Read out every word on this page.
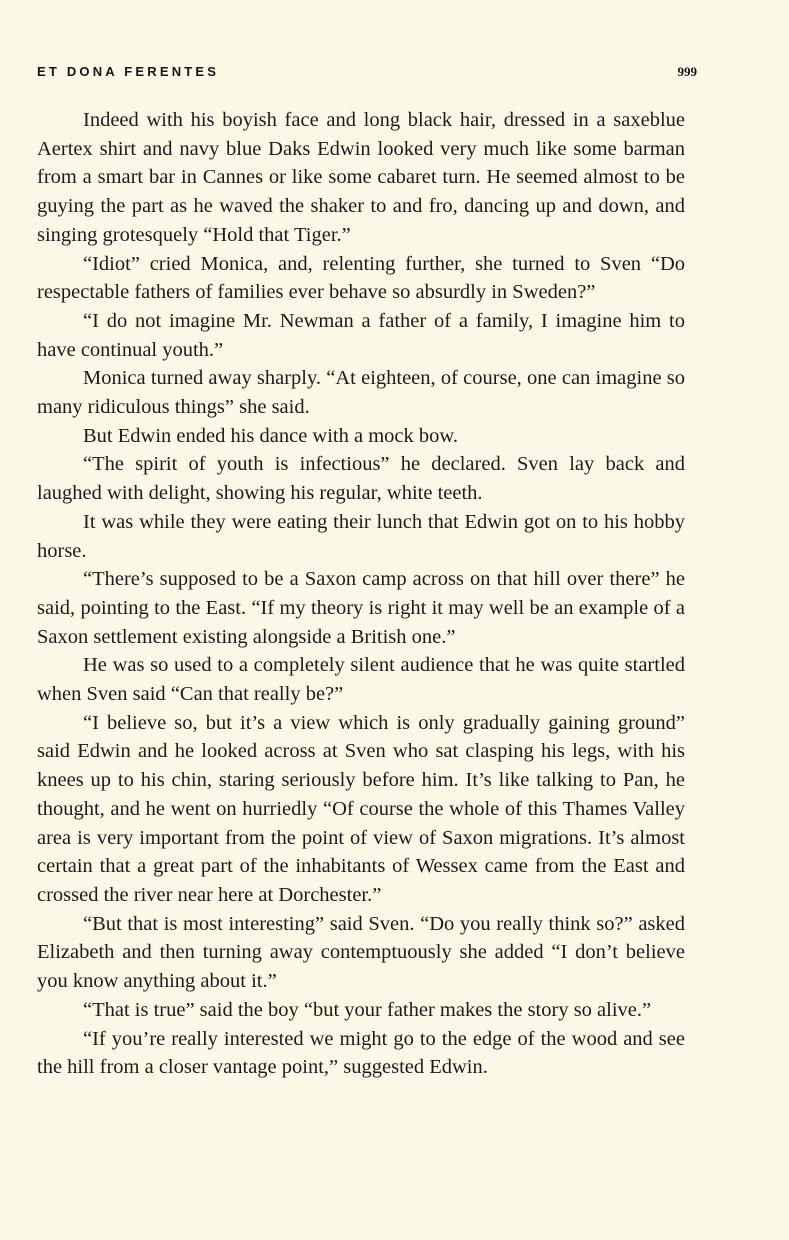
ET DONA FERENTES	999

Indeed with his boyish face and long black hair, dressed in a saxeblue Aertex shirt and navy blue Daks Edwin looked very much like some barman from a smart bar in Cannes or like some cabaret turn. He seemed almost to be guying the part as he waved the shaker to and fro, dancing up and down, and singing grotesquely “Hold that Tiger.”

“Idiot” cried Monica, and, relenting further, she turned to Sven “Do respectable fathers of families ever behave so absurdly in Sweden?”

“I do not imagine Mr. Newman a father of a family, I imagine him to have continual youth.”

Monica turned away sharply. “At eighteen, of course, one can imagine so many ridiculous things” she said.

But Edwin ended his dance with a mock bow.

“The spirit of youth is infectious” he declared. Sven lay back and laughed with delight, showing his regular, white teeth.

It was while they were eating their lunch that Edwin got on to his hobby horse.

“There’s supposed to be a Saxon camp across on that hill over there” he said, pointing to the East. “If my theory is right it may well be an example of a Saxon settlement existing alongside a British one.”

He was so used to a completely silent audience that he was quite startled when Sven said “Can that really be?”

“I believe so, but it’s a view which is only gradually gaining ground” said Edwin and he looked across at Sven who sat clasping his legs, with his knees up to his chin, staring seriously before him. It’s like talking to Pan, he thought, and he went on hurriedly “Of course the whole of this Thames Valley area is very important from the point of view of Saxon migrations. It’s almost certain that a great part of the inhabitants of Wessex came from the East and crossed the river near here at Dorchester.”

“But that is most interesting” said Sven. “Do you really think so?” asked Elizabeth and then turning away contemptuously she added “I don’t believe you know anything about it.”

“That is true” said the boy “but your father makes the story so alive.”

“If you’re really interested we might go to the edge of the wood and see the hill from a closer vantage point,” suggested Edwin.
